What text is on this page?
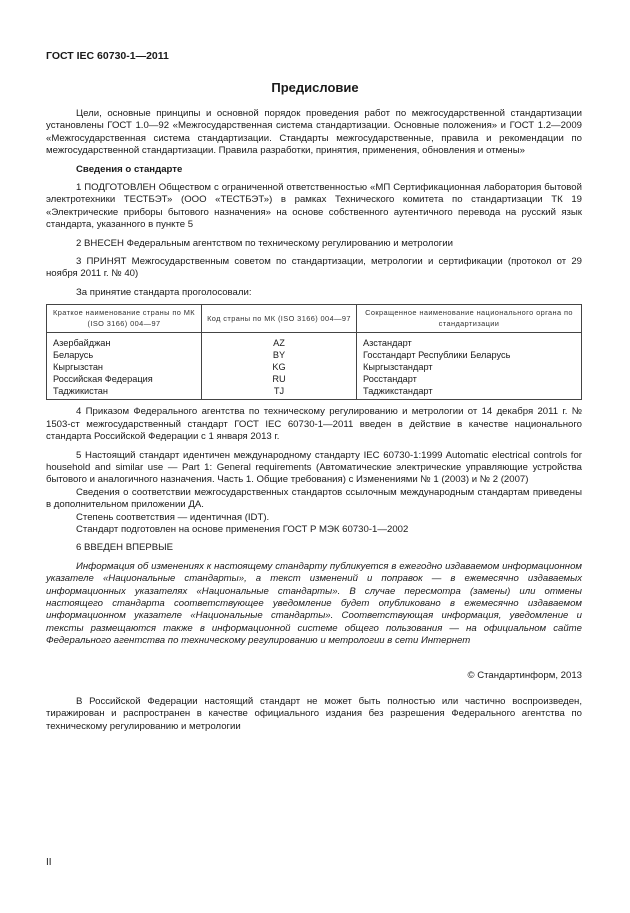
ГОСТ IEC 60730-1—2011
Предисловие

Цели, основные принципы и основной порядок проведения работ по межгосударственной стандартизации установлены ГОСТ 1.0—92 «Межгосударственная система стандартизации. Основные положения» и ГОСТ 1.2—2009 «Межгосударственная система стандартизации. Стандарты межгосударственные, правила и рекомендации по межгосударственной стандартизации. Правила разработки, принятия, применения, обновления и отмены»

Сведения о стандарте

1 ПОДГОТОВЛЕН Обществом с ограниченной ответственностью «МП Сертификационная лаборатория бытовой электротехники ТЕСТБЭТ» (ООО «ТЕСТБЭТ») в рамках Технического комитета по стандартизации ТК 19 «Электрические приборы бытового назначения» на основе собственного аутентичного перевода на русский язык стандарта, указанного в пункте 5

2 ВНЕСЕН Федеральным агентством по техническому регулированию и метрологии

3 ПРИНЯТ Межгосударственным советом по стандартизации, метрологии и сертификации (протокол от 29 ноября 2011 г. № 40)

За принятие стандарта проголосовали:

Краткое наименование страны по МК (ISO 3166) 004—97	Код страны по МК (ISO 3166) 004—97	Сокращенное наименование национального органа по стандартизации
Азербайджан	AZ	Азстандарт
Беларусь	BY	Госстандарт Республики Беларусь
Кыргызстан	KG	Кыргызстандарт
Российская Федерация	RU	Росстандарт
Таджикистан	TJ	Таджикстандарт

4 Приказом Федерального агентства по техническому регулированию и метрологии от 14 декабря 2011 г. № 1503-ст межгосударственный стандарт ГОСТ IEC 60730-1—2011 введен в действие в качестве национального стандарта Российской Федерации с 1 января 2013 г.

5 Настоящий стандарт идентичен международному стандарту IEC 60730-1:1999 Automatic electrical controls for household and similar use — Part 1: General requirements (Автоматические электрические управляющие устройства бытового и аналогичного назначения. Часть 1. Общие требования) с Изменениями № 1 (2003) и № 2 (2007)

Сведения о соответствии межгосударственных стандартов ссылочным международным стандартам приведены в дополнительном приложении ДА.

Степень соответствия — идентичная (IDT).

Стандарт подготовлен на основе применения ГОСТ Р МЭК 60730-1—2002

6 ВВЕДЕН ВПЕРВЫЕ

Информация об изменениях к настоящему стандарту публикуется в ежегодно издаваемом информационном указателе «Национальные стандарты», а текст изменений и поправок — в ежемесячно издаваемых информационных указателях «Национальные стандарты». В случае пересмотра (замены) или отмены настоящего стандарта соответствующее уведомление будет опубликовано в ежемесячно издаваемом информационном указателе «Национальные стандарты». Соответствующая информация, уведомление и тексты размещаются также в информационной системе общего пользования — на официальном сайте Федерального агентства по техническому регулированию и метрологии в сети Интернет

© Стандартинформ, 2013

В Российской Федерации настоящий стандарт не может быть полностью или частично воспроизведен, тиражирован и распространен в качестве официального издания без разрешения Федерального агентства по техническому регулированию и метрологии

II
